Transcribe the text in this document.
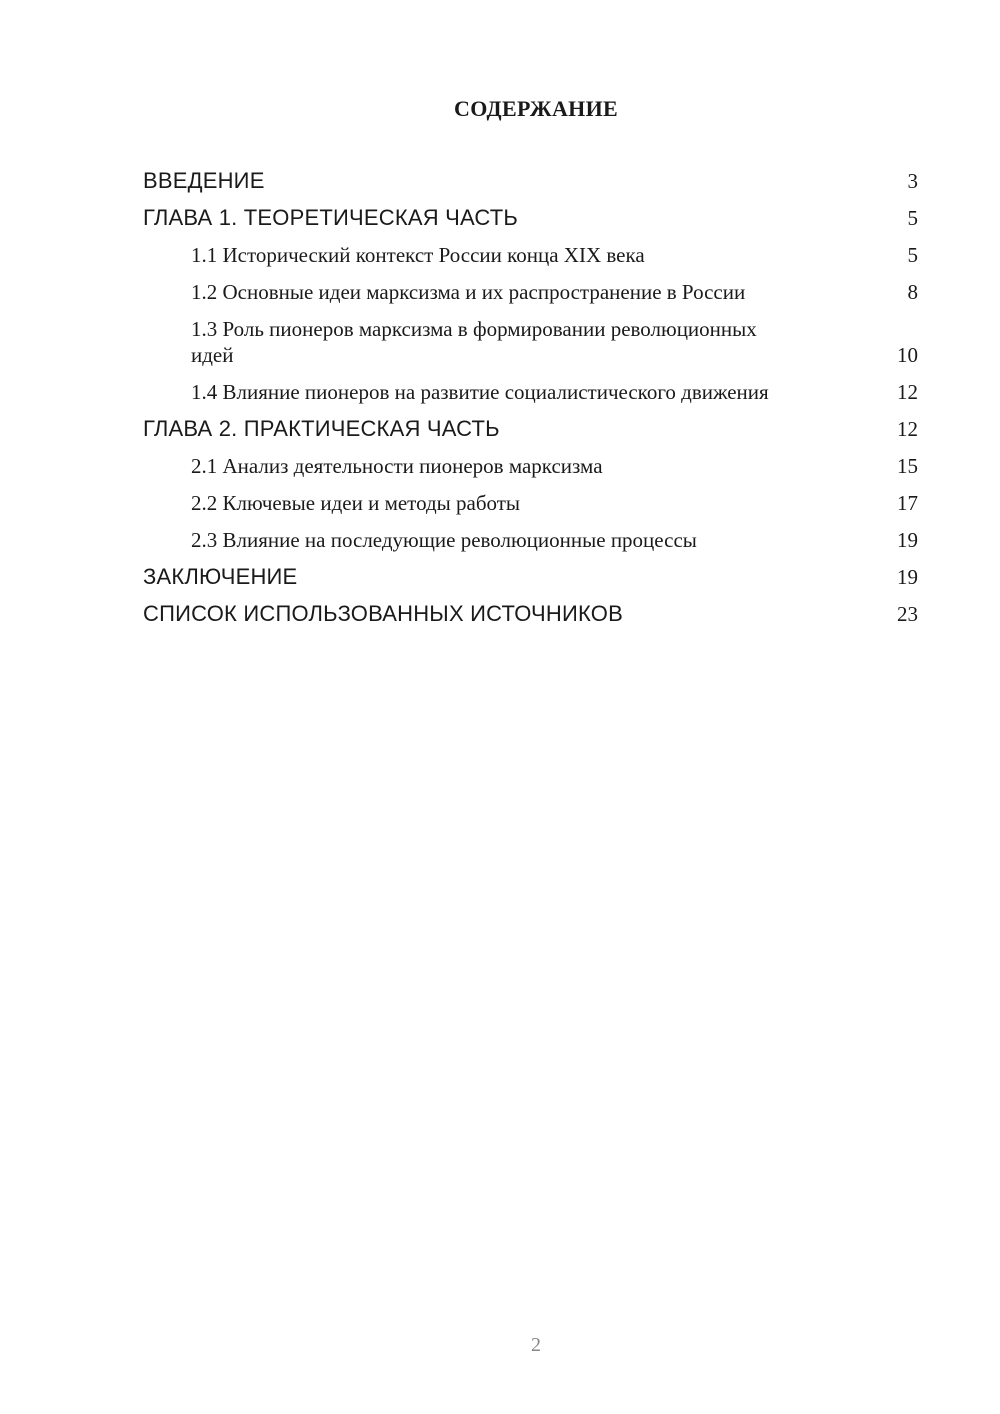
СОДЕРЖАНИЕ
ВВЕДЕНИЕ	3
ГЛАВА 1. ТЕОРЕТИЧЕСКАЯ ЧАСТЬ	5
1.1 Исторический контекст России конца XIX века	5
1.2 Основные идеи марксизма и их распространение в России	8
1.3 Роль пионеров марксизма в формировании революционных идей	10
1.4 Влияние пионеров на развитие социалистического движения	12
ГЛАВА 2. ПРАКТИЧЕСКАЯ ЧАСТЬ	12
2.1 Анализ деятельности пионеров марксизма	15
2.2 Ключевые идеи и методы работы	17
2.3 Влияние на последующие революционные процессы	19
ЗАКЛЮЧЕНИЕ	19
СПИСОК ИСПОЛЬЗОВАННЫХ ИСТОЧНИКОВ	23
2
